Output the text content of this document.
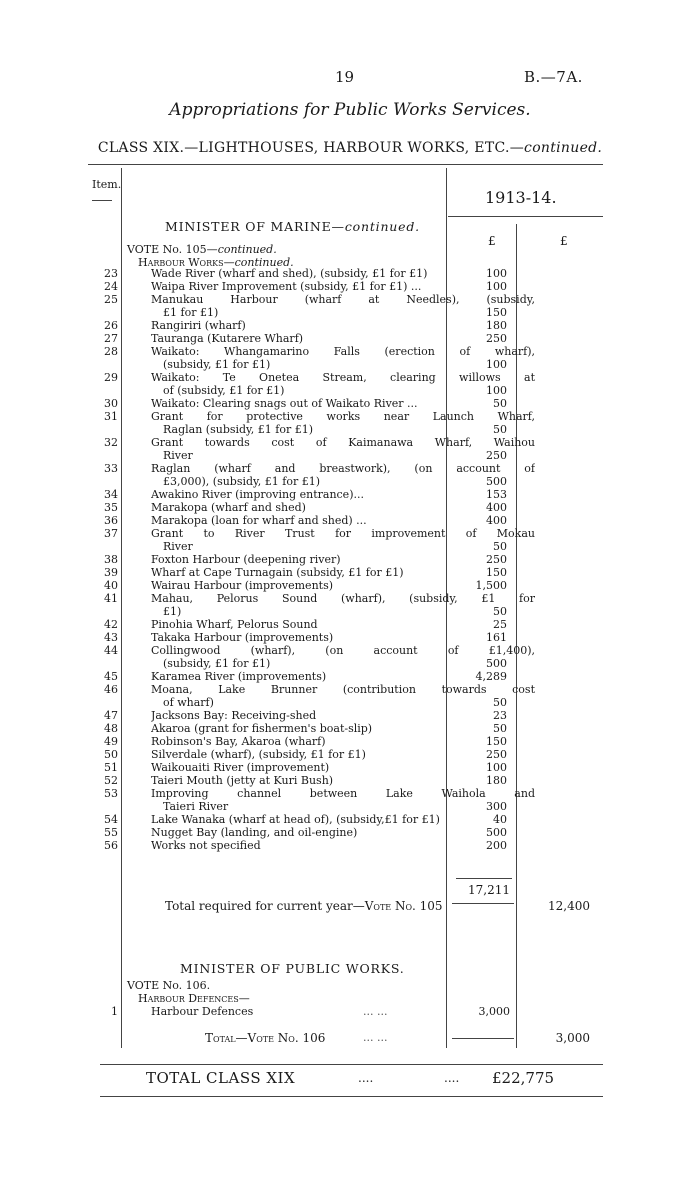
19	B.—7A.
Appropriations for Public Works Services.
CLASS XIX.—LIGHTHOUSES, HARBOUR WORKS, ETC.—continued.
Item.
1913-14.
£	£
MINISTER OF MARINE—continued.
VOTE No. 105—continued.
Harbour Works—continued.
23	Wade River (wharf and shed), (subsidy, £1 for £1)	100
24	Waipa River Improvement (subsidy, £1 for £1) ...	100
25	Manukau Harbour (wharf at Needles), (subsidy,
£1 for £1)	150
26	Rangiriri (wharf)	180
27	Tauranga (Kutarere Wharf)	250
28	Waikato: Whangamarino Falls (erection of wharf),
(subsidy, £1 for £1)	100
29	Waikato: Te Onetea Stream, clearing willows at
of (subsidy, £1 for £1)	100
30	Waikato: Clearing snags out of Waikato River ...	50
31	Grant for protective works near Launch Wharf,
Raglan (subsidy, £1 for £1)	50
32	Grant towards cost of Kaimanawa Wharf, Waihou
River	250
33	Raglan (wharf and breastwork), (on account of
£3,000), (subsidy, £1 for £1)	500
34	Awakino River (improving entrance)...	153
35	Marakopa (wharf and shed)	400
36	Marakopa (loan for wharf and shed) ...	400
37	Grant to River Trust for improvement of Mokau
River	50
38	Foxton Harbour (deepening river)	250
39	Wharf at Cape Turnagain (subsidy, £1 for £1)	150
40	Wairau Harbour (improvements)	1,500
41	Mahau, Pelorus Sound (wharf), (subsidy, £1 for
£1)	50
42	Pinohia Wharf, Pelorus Sound	25
43	Takaka Harbour (improvements)	161
44	Collingwood (wharf), (on account of £1,400),
(subsidy, £1 for £1)	500
45	Karamea River (improvements)	4,289
46	Moana, Lake Brunner (contribution towards cost
of wharf)	50
47	Jacksons Bay: Receiving-shed	23
48	Akaroa (grant for fishermen's boat-slip)	50
49	Robinson's Bay, Akaroa (wharf)	150
50	Silverdale (wharf), (subsidy, £1 for £1)	250
51	Waikouaiti River (improvement)	100
52	Taieri Mouth (jetty at Kuri Bush)	180
53	Improving channel between Lake Waihola and
Taieri River	300
54	Lake Wanaka (wharf at head of), (subsidy,£1 for £1)	40
55	Nugget Bay (landing, and oil-engine)	500
56	Works not specified	200
17,211
Total required for current year—Vote No. 105	12,400
MINISTER OF PUBLIC WORKS.
VOTE No. 106.
Harbour Defences—
1	Harbour Defences	... ...	3,000
Total—Vote No. 106	... ...	3,000
TOTAL CLASS XIX	....	.... £22,775
